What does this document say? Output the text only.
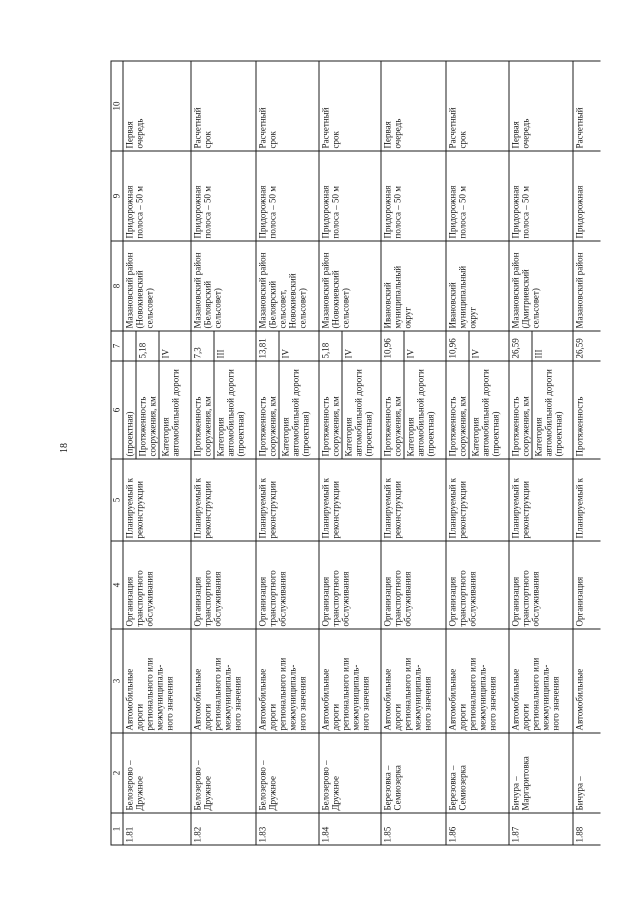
18
1
2
3
4
5
6
7
8
9
10
1.81
Белозерово – Дружное
Автомобильные дороги регионального или межмуниципаль-ного значения
Организация транспортного обслуживания
Планируемый к реконструкции
(проектная) Протяженность сооружения, км
5,18
Категория автомобильной дороги
IV
Мазановский район (Новокиевский сельсовет)
Придорожная полоса – 50 м
Первая очередь
1.82
Белозерово – Дружное
Автомобильные дороги регионального или межмуниципаль-ного значения
Организация транспортного обслуживания
Планируемый к реконструкции
Протяженность сооружения, км
7,3
Категория автомобильной дороги (проектная)
III
Мазановский район (Белоярский сельсовет)
Придорожная полоса – 50 м
Расчетный срок
1.83
Белозерово – Дружное
Автомобильные дороги регионального или межмуниципаль-ного значения
Организация транспортного обслуживания
Планируемый к реконструкции
Протяженность сооружения, км
13,81
Категория автомобильной дороги (проектная)
IV
Мазановский район (Белоярский сельсовет, Новокиевский сельсовет)
Придорожная полоса – 50 м
Расчетный срок
1.84
Белозерово – Дружное
Автомобильные дороги регионального или межмуниципаль-ного значения
Организация транспортного обслуживания
Планируемый к реконструкции
Протяженность сооружения, км
5,18
Категория автомобильной дороги (проектная)
IV
Мазановский район (Новокиевский сельсовет)
Придорожная полоса – 50 м
Расчетный срок
1.85
Березовка – Семиозерка
Автомобильные дороги регионального или межмуниципаль-ного значения
Организация транспортного обслуживания
Планируемый к реконструкции
Протяженность сооружения, км
10,96
Категория автомобильной дороги (проектная)
IV
Ивановский муниципальный округ
Придорожная полоса – 50 м
Первая очередь
1.86
Березовка – Семиозерка
Автомобильные дороги регионального или межмуниципаль-ного значения
Организация транспортного обслуживания
Планируемый к реконструкции
Протяженность сооружения, км
10,96
Категория автомобильной дороги (проектная)
IV
Ивановский муниципальный округ
Придорожная полоса – 50 м
Расчетный срок
1.87
Бичура – Маргаритовка
Автомобильные дороги регионального или межмуниципаль-ного значения
Организация транспортного обслуживания
Планируемый к реконструкции
Протяженность сооружения, км
26,59
Категория автомобильной дороги (проектная)
III
Мазановский район (Дмитриевский сельсовет)
Придорожная полоса – 50 м
Первая очередь
1.88
Бичура –
Автомобильные
Организация
Планируемый к
Протяженность
26,59
Мазановский район
Придорожная
Расчетный
